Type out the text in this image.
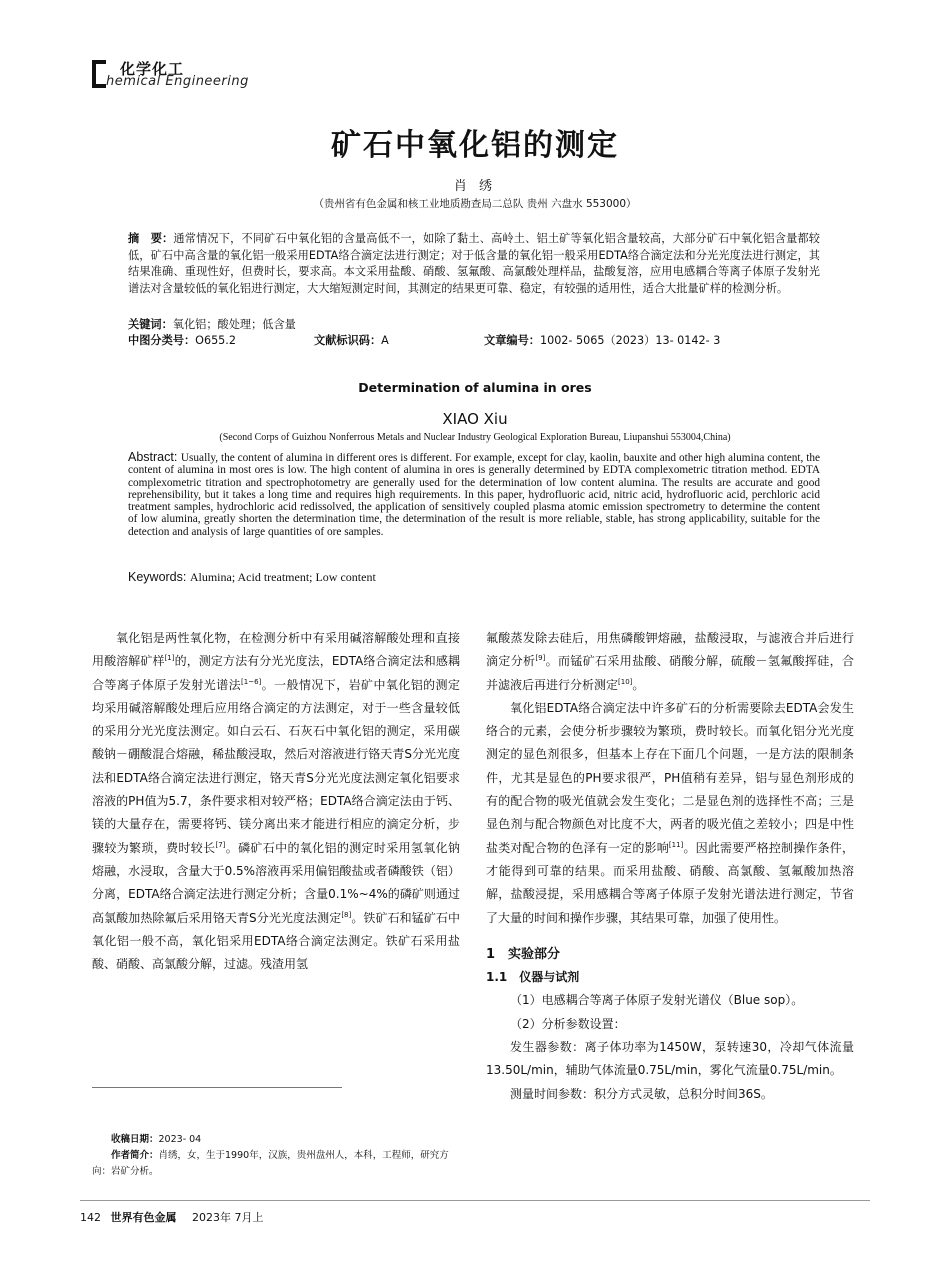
化学化工
hemical Engineering
矿石中氧化铝的测定
肖 绣
（贵州省有色金属和核工业地质勘查局二总队 贵州 六盘水 553000）
摘　要：通常情况下，不同矿石中氧化铝的含量高低不一，如除了黏土、高岭土、铝土矿等氧化铝含量较高，大部分矿石中氧化铝含量都较低，矿石中高含量的氧化铝一般采用EDTA络合滴定法进行测定；对于低含量的氧化铝一般采用EDTA络合滴定法和分光光度法进行测定，其结果准确、重现性好，但费时长，要求高。本文采用盐酸、硝酸、氢氟酸、高氯酸处理样品，盐酸复溶，应用电感耦合等离子体原子发射光谱法对含量较低的氧化铝进行测定，大大缩短测定时间，其测定的结果更可靠、稳定，有较强的适用性，适合大批量矿样的检测分析。
关键词：氧化铝；酸处理；低含量
中图分类号：O655.2	文献标识码：A	文章编号：1002- 5065（2023）13- 0142- 3
Determination of alumina in ores
XIAO Xiu
(Second Corps of Guizhou Nonferrous Metals and Nuclear Industry Geological Exploration Bureau, Liupanshui 553004,China)
Abstract: Usually, the content of alumina in different ores is different. For example, except for clay, kaolin, bauxite and other high alumina content, the content of alumina in most ores is low. The high content of alumina in ores is generally determined by EDTA complexometric titration method. EDTA complexometric titration and spectrophotometry are generally used for the determination of low content alumina. The results are accurate and good reprehensibility, but it takes a long time and requires high requirements. In this paper, hydrofluoric acid, nitric acid, hydrofluoric acid, perchloric acid treatment samples, hydrochloric acid redissolved, the application of sensitively coupled plasma atomic emission spectrometry to determine the content of low alumina, greatly shorten the determination time, the determination of the result is more reliable, stable, has strong applicability, suitable for the detection and analysis of large quantities of ore samples.
Keywords: Alumina; Acid treatment; Low content

氧化铝是两性氧化物，在检测分析中有采用碱溶解酸处理和直接用酸溶解矿样[1]的，测定方法有分光光度法，EDTA络合滴定法和感耦合等离子体原子发射光谱法[1~6]。一般情况下，岩矿中氧化铝的测定均采用碱溶解酸处理后应用络合滴定的方法测定，对于一些含量较低的采用分光光度法测定。如白云石、石灰石中氧化铝的测定，采用碳酸钠－硼酸混合熔融，稀盐酸浸取，然后对溶液进行铬天青S分光光度法和EDTA络合滴定法进行测定，铬天青S分光光度法测定氧化铝要求溶液的PH值为5.7，条件要求相对较严格；EDTA络合滴定法由于钙、镁的大量存在，需要将钙、镁分离出来才能进行相应的滴定分析，步骤较为繁琐，费时较长[7]。磷矿石中的氧化铝的测定时采用氢氧化钠熔融，水浸取，含量大于0.5%溶液再采用偏铝酸盐或者磷酸铁（铝）分离，EDTA络合滴定法进行测定分析；含量0.1%~4%的磷矿则通过高氯酸加热除氟后采用铬天青S分光光度法测定[8]。铁矿石和锰矿石中氧化铝一般不高，氧化铝采用EDTA络合滴定法测定。铁矿石采用盐酸、硝酸、高氯酸分解，过滤。残渣用氢

氟酸蒸发除去硅后，用焦磷酸钾熔融，盐酸浸取，与滤液合并后进行滴定分析[9]。而锰矿石采用盐酸、硝酸分解，硫酸－氢氟酸挥硅，合并滤液后再进行分析测定[10]。

氧化铝EDTA络合滴定法中许多矿石的分析需要除去EDTA会发生络合的元素，会使分析步骤较为繁琐，费时较长。而氧化铝分光光度测定的显色剂很多，但基本上存在下面几个问题，一是方法的限制条件，尤其是显色的PH要求很严，PH值稍有差异，铝与显色剂形成的有的配合物的吸光值就会发生变化；二是显色剂的选择性不高；三是显色剂与配合物颜色对比度不大，两者的吸光值之差较小；四是中性盐类对配合物的色泽有一定的影响[11]。因此需要严格控制操作条件，才能得到可靠的结果。而采用盐酸、硝酸、高氯酸、氢氟酸加热溶解，盐酸浸提，采用感耦合等离子体原子发射光谱法进行测定，节省了大量的时间和操作步骤，其结果可靠，加强了使用性。

1　实验部分

1.1　仪器与试剂

（1）电感耦合等离子体原子发射光谱仪（Blue sop）。

（2）分析参数设置：

发生器参数：离子体功率为1450W，泵转速30，冷却气体流量13.50L/min，辅助气体流量0.75L/min，雾化气流量0.75L/min。

测量时间参数：积分方式灵敏，总积分时间36S。

收稿日期：2023- 04

作者简介：肖绣，女，生于1990年，汉族，贵州盘州人，本科，工程师，研究方向：岩矿分析。

142 世界有色金属 2023年 7月上
